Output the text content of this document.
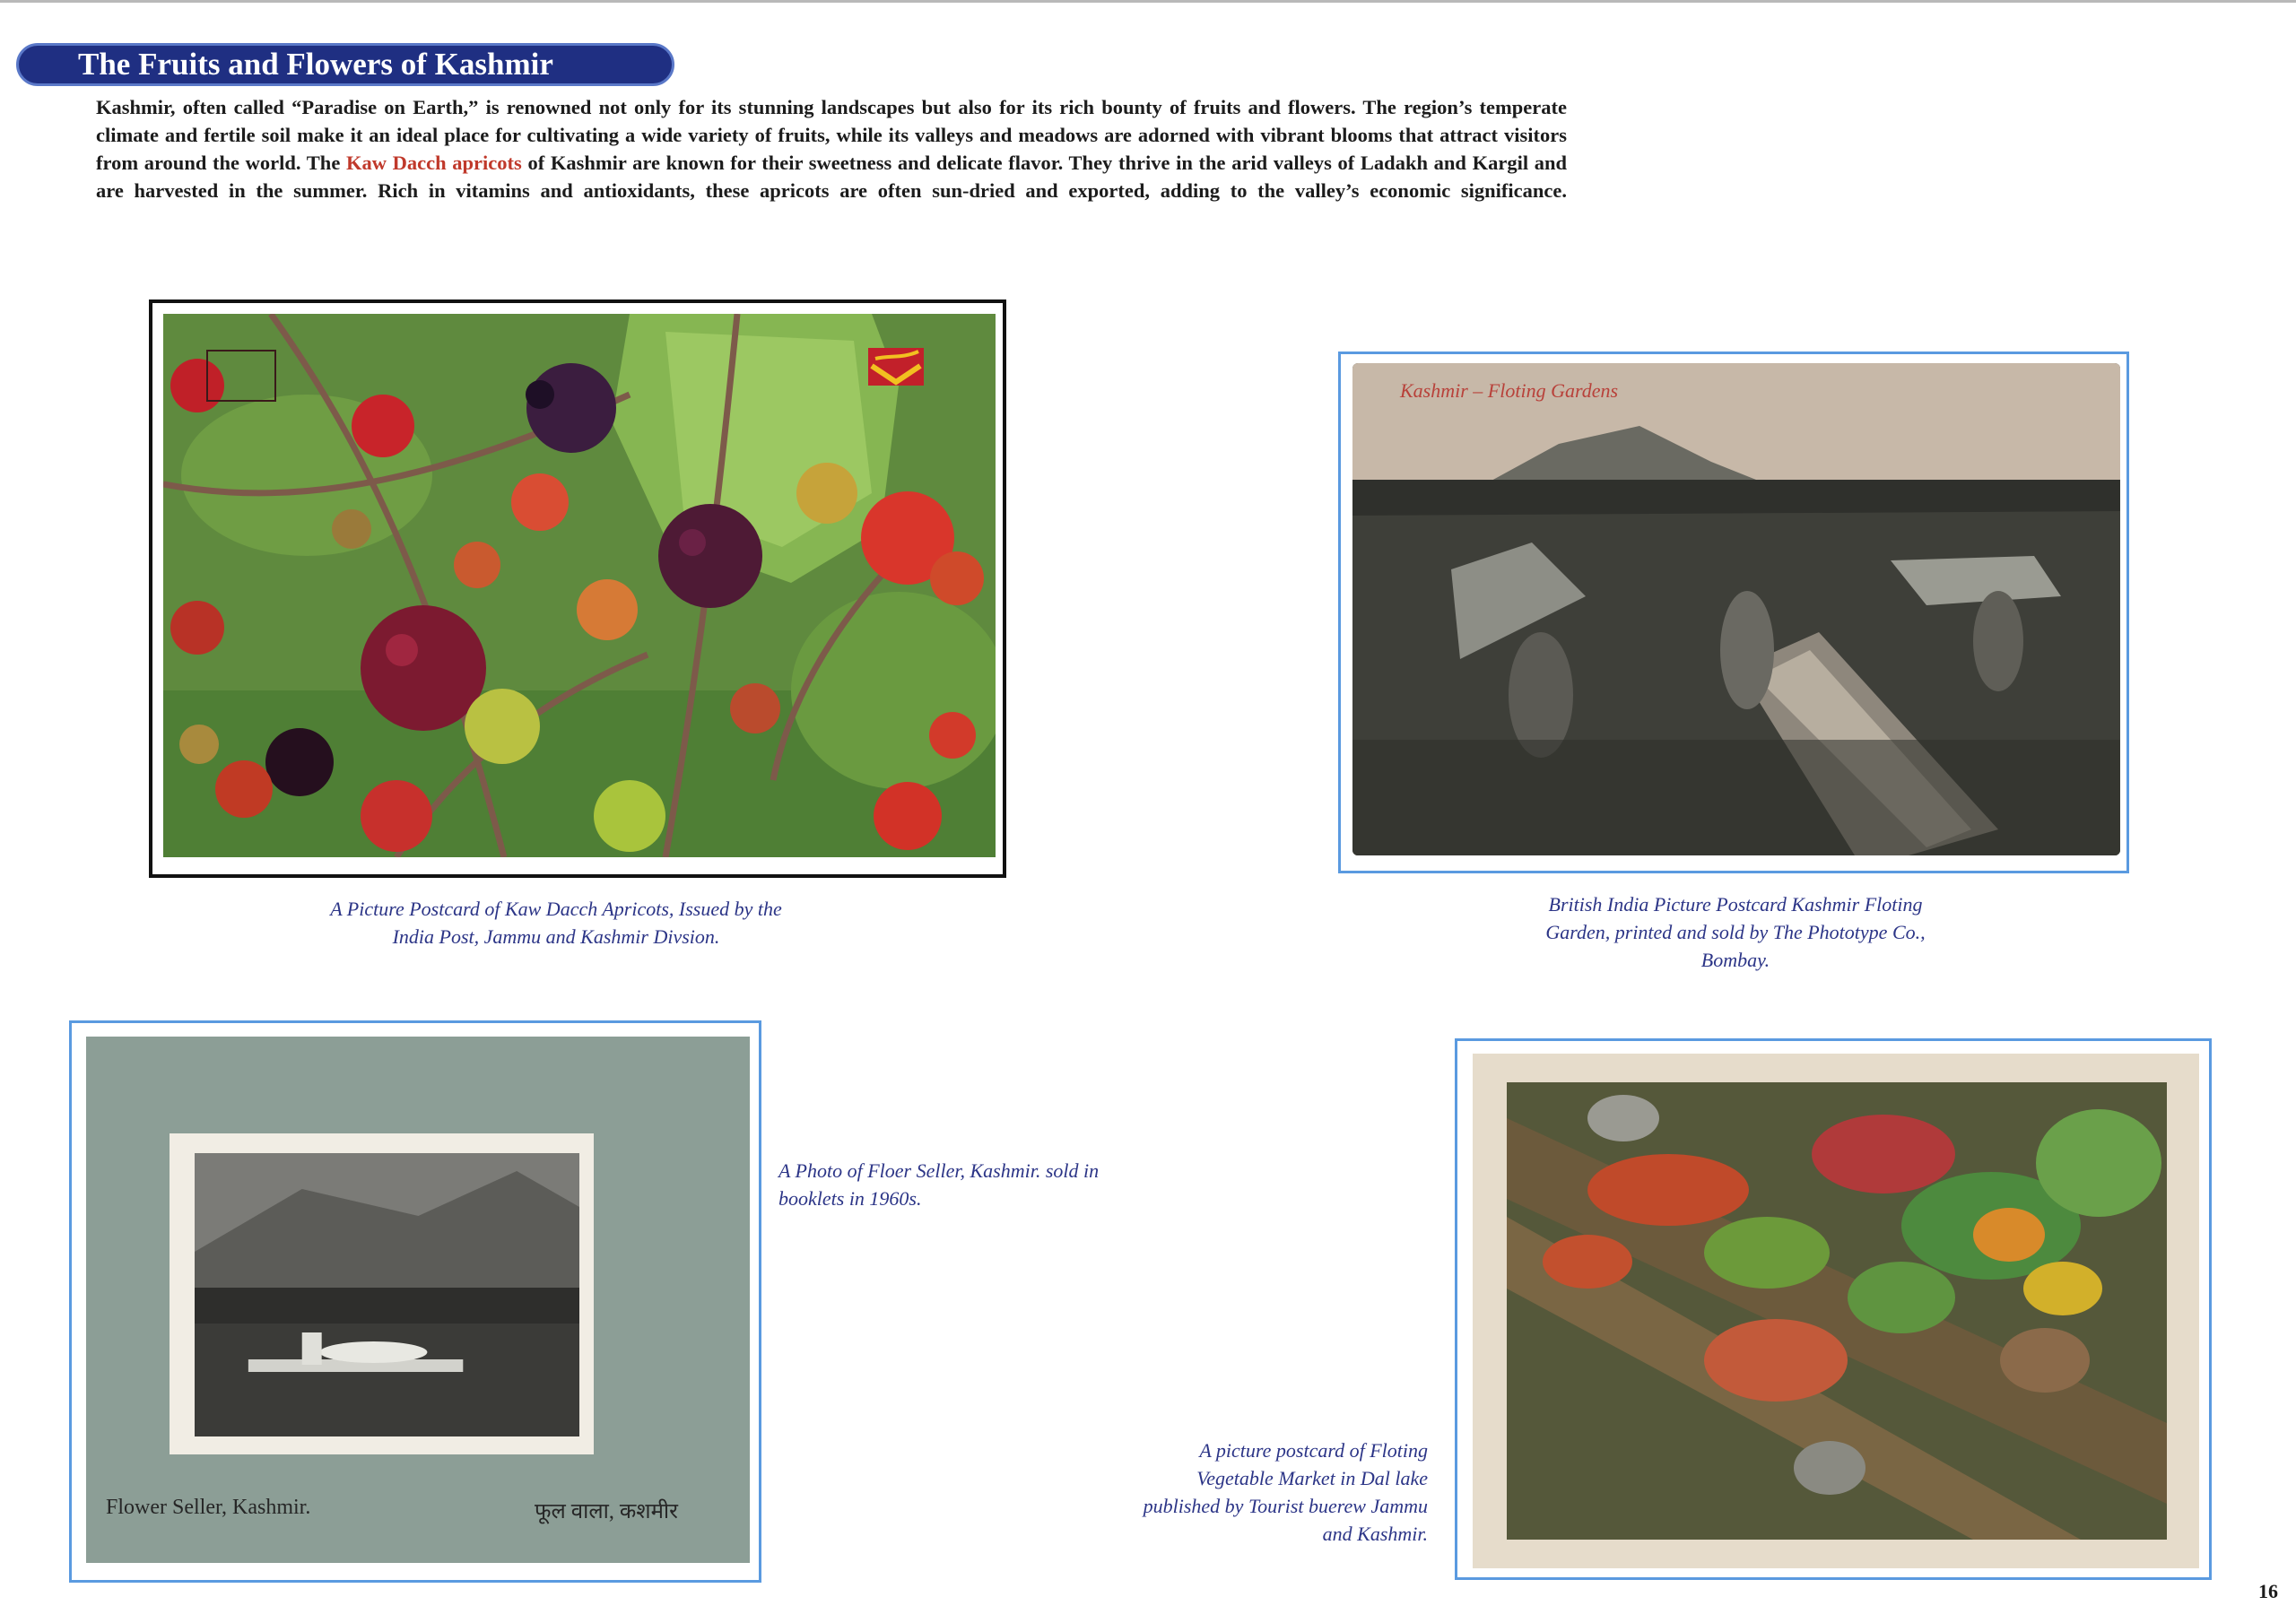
The Fruits and Flowers of Kashmir

Kashmir, often called “Paradise on Earth,” is renowned not only for its stunning landscapes but also for its rich bounty of fruits and flowers. The region’s temperate climate and fertile soil make it an ideal place for cultivating a wide variety of fruits, while its valleys and meadows are adorned with vibrant blooms that attract visitors from around the world. The Kaw Dacch apricots of Kashmir are known for their sweetness and delicate flavor. They thrive in the arid valleys of Ladakh and Kargil and are harvested in the summer. Rich in vitamins and antioxidants, these apricots are often sun-dried and exported, adding to the valley’s economic significance.

A Picture Postcard of Kaw Dacch Apricots, Issued by the India Post, Jammu and Kashmir Divsion.

Kashmir – Floting Gardens

British India Picture Postcard Kashmir Floting Garden, printed and sold by The Phototype Co., Bombay.

Flower Seller, Kashmir.	फूल वाला, कशमीर

A Photo of Floer Seller, Kashmir. sold in booklets in 1960s.

A picture postcard of Floting Vegetable Market in Dal lake published by Tourist buerew Jammu and Kashmir.

16
